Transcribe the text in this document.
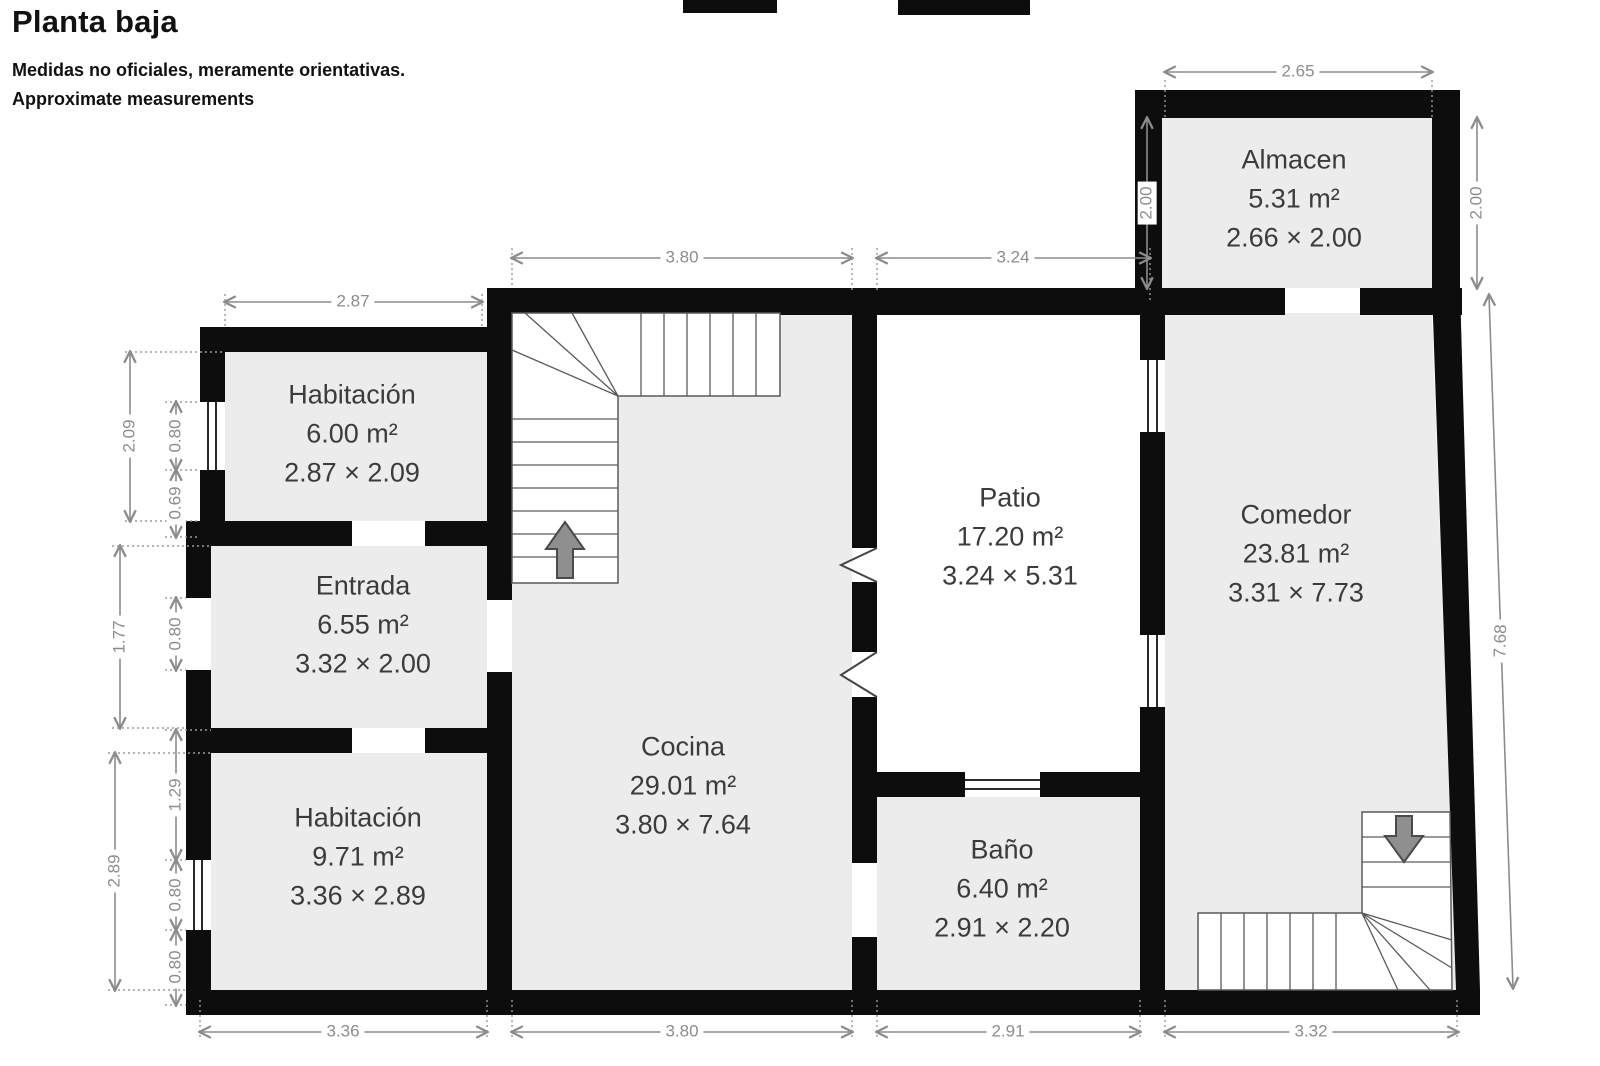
Planta baja
Medidas no oficiales, meramente orientativas.
Approximate measurements
Habitación
6.00 m²
2.87 × 2.09
Entrada
6.55 m²
3.32 × 2.00
Habitación
9.71 m²
3.36 × 2.89
Cocina
29.01 m²
3.80 × 7.64
Patio
17.20 m²
3.24 × 5.31
Baño
6.40 m²
2.91 × 2.20
Comedor
23.81 m²
3.31 × 7.73
Almacen
5.31 m²
2.66 × 2.00
2.65
2.87
3.80	3.24
2.09 0.80
0.69
1.77 0.80
2.89
1.29
0.80
0.80
2.00	2.00
7.68
3.36	3.80	2.91	3.32
